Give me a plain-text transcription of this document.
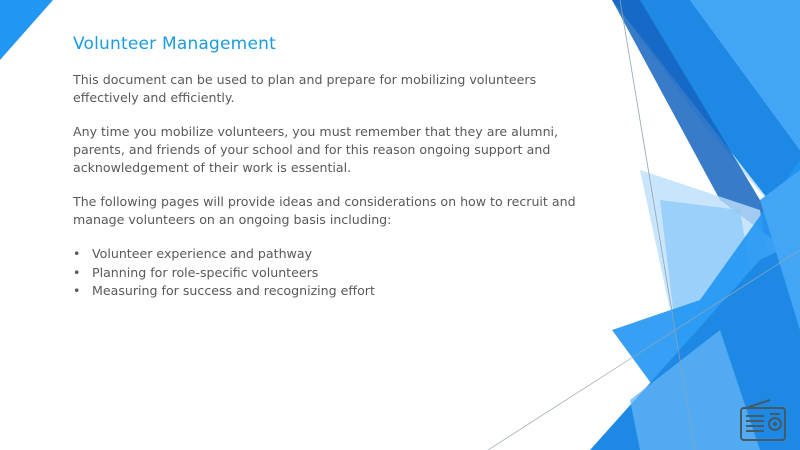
Volunteer Management

This document can be used to plan and prepare for mobilizing volunteers effectively and efficiently.

Any time you mobilize volunteers, you must remember that they are alumni, parents, and friends of your school and for this reason ongoing support and acknowledgement of their work is essential.

The following pages will provide ideas and considerations on how to recruit and manage volunteers on an ongoing basis including:

• Volunteer experience and pathway
• Planning for role-specific volunteers
• Measuring for success and recognizing effort
